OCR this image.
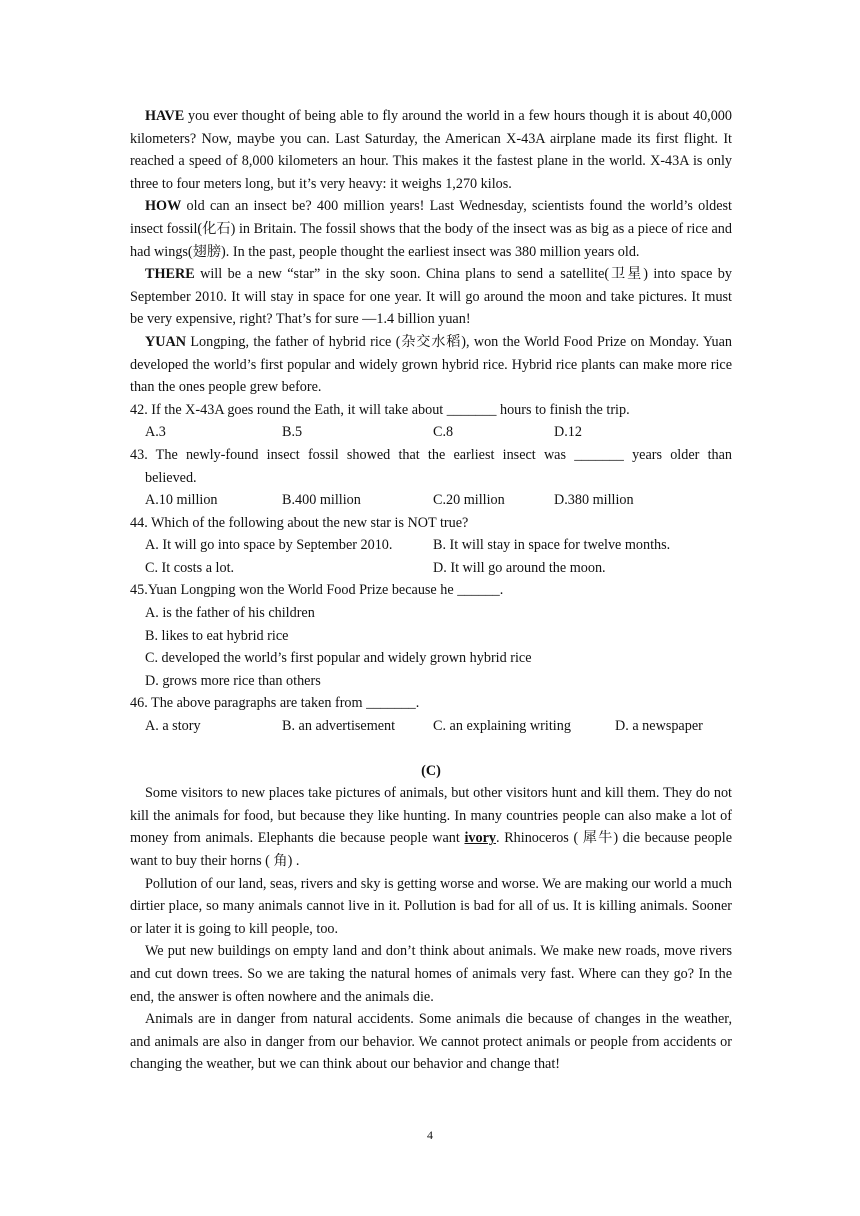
HAVE you ever thought of being able to fly around the world in a few hours though it is about 40,000 kilometers? Now, maybe you can. Last Saturday, the American X-43A airplane made its first flight. It reached a speed of 8,000 kilometers an hour. This makes it the fastest plane in the world. X-43A is only three to four meters long, but it’s very heavy: it weighs 1,270 kilos.

HOW old can an insect be? 400 million years! Last Wednesday, scientists found the world’s oldest insect fossil(化石) in Britain. The fossil shows that the body of the insect was as big as a piece of rice and had wings(翅膀). In the past, people thought the earliest insect was 380 million years old.

THERE will be a new “star” in the sky soon. China plans to send a satellite(卫星) into space by September 2010. It will stay in space for one year. It will go around the moon and take pictures. It must be very expensive, right? That’s for sure —1.4 billion yuan!

YUAN Longping, the father of hybrid rice (杂交水稻), won the World Food Prize on Monday. Yuan developed the world’s first popular and widely grown hybrid rice. Hybrid rice plants can make more rice than the ones people grew before.

42. If the X-43A goes round the Eath, it will take about _______ hours to finish the trip.

A.3	B.5	C.8	D.12

43. The newly-found insect fossil showed that the earliest insect was _______ years older than

believed.

A.10 million	B.400 million	C.20 million	D.380 million

44. Which of the following about the new star is NOT true?

A. It will go into space by September 2010.	B. It will stay in space for twelve months.
C. It costs a lot.	D. It will go around the moon.

45.Yuan Longping won the World Food Prize because he ______.

A. is the father of his children

B. likes to eat hybrid rice

C. developed the world’s first popular and widely grown hybrid rice

D. grows more rice than others

46. The above paragraphs are taken from _______.

A. a story	B. an advertisement	C. an explaining writing	D. a newspaper

(C)

Some visitors to new places take pictures of animals, but other visitors hunt and kill them. They do not kill the animals for food, but because they like hunting. In many countries people can also make a lot of money from animals. Elephants die because people want ivory. Rhinoceros ( 犀牛) die because people want to buy their horns ( 角) .

Pollution of our land, seas, rivers and sky is getting worse and worse. We are making our world a much dirtier place, so many animals cannot live in it. Pollution is bad for all of us. It is killing animals. Sooner or later it is going to kill people, too.

We put new buildings on empty land and don’t think about animals. We make new roads, move rivers and cut down trees. So we are taking the natural homes of animals very fast. Where can they go? In the end, the answer is often nowhere and the animals die.

Animals are in danger from natural accidents. Some animals die because of changes in the weather, and animals are also in danger from our behavior. We cannot protect animals or people from accidents or changing the weather, but we can think about our behavior and change that!

4
